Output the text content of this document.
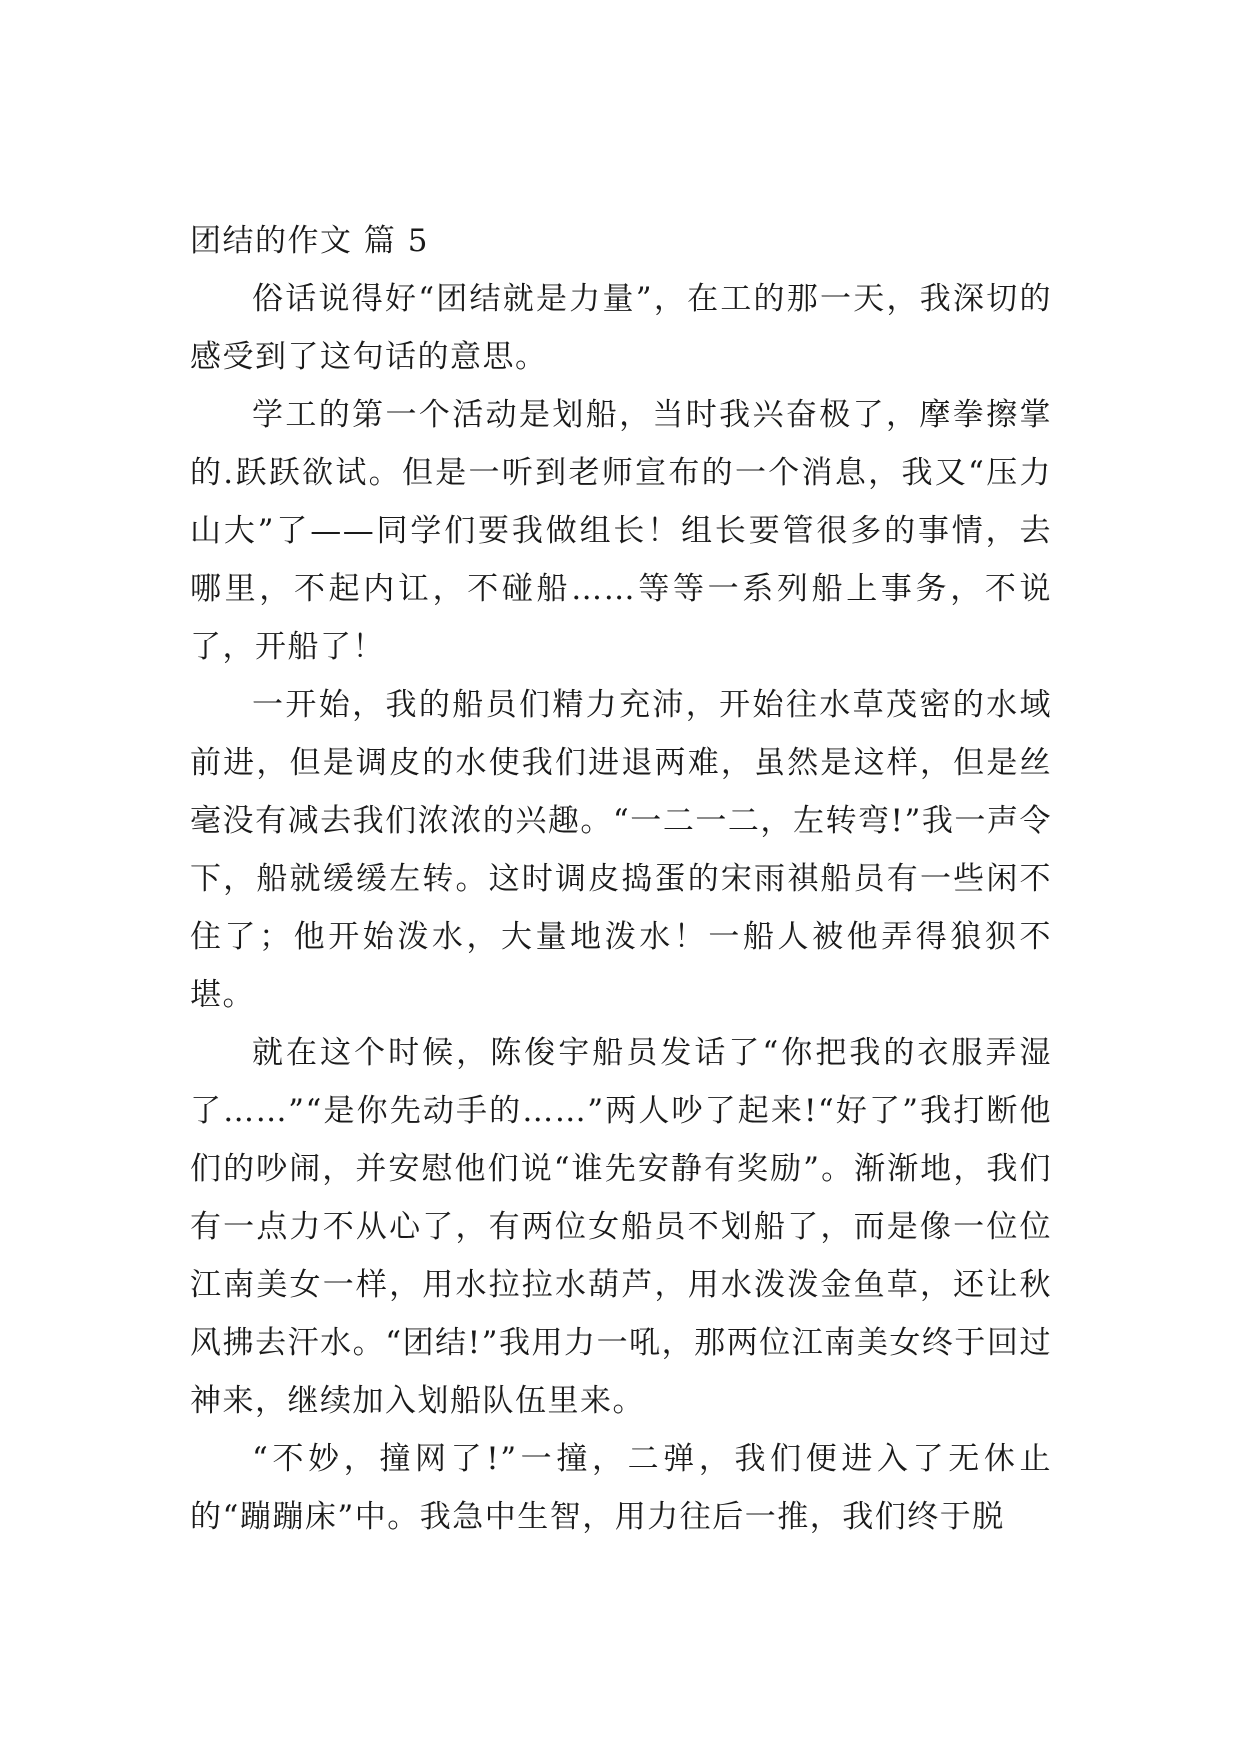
团结的作文 篇 5

俗话说得好“团结就是力量”，在工的那一天，我深切的感受到了这句话的意思。

学工的第一个活动是划船，当时我兴奋极了，摩拳擦掌的.跃跃欲试。但是一听到老师宣布的一个消息，我又“压力山大”了——同学们要我做组长！组长要管很多的事情，去哪里，不起内讧，不碰船……等等一系列船上事务，不说了，开船了！

一开始，我的船员们精力充沛，开始往水草茂密的水域前进，但是调皮的水使我们进退两难，虽然是这样，但是丝毫没有减去我们浓浓的兴趣。“一二一二，左转弯!”我一声令下，船就缓缓左转。这时调皮捣蛋的宋雨祺船员有一些闲不住了；他开始泼水，大量地泼水！一船人被他弄得狼狈不堪。

就在这个时候，陈俊宇船员发话了“你把我的衣服弄湿了……”“是你先动手的……”两人吵了起来!“好了”我打断他们的吵闹，并安慰他们说“谁先安静有奖励”。渐渐地，我们有一点力不从心了，有两位女船员不划船了，而是像一位位江南美女一样，用水拉拉水葫芦，用水泼泼金鱼草，还让秋风拂去汗水。“团结!”我用力一吼，那两位江南美女终于回过神来，继续加入划船队伍里来。

“不妙，撞网了!”一撞，二弹，我们便进入了无休止的“蹦蹦床”中。我急中生智，用力往后一推，我们终于脱
